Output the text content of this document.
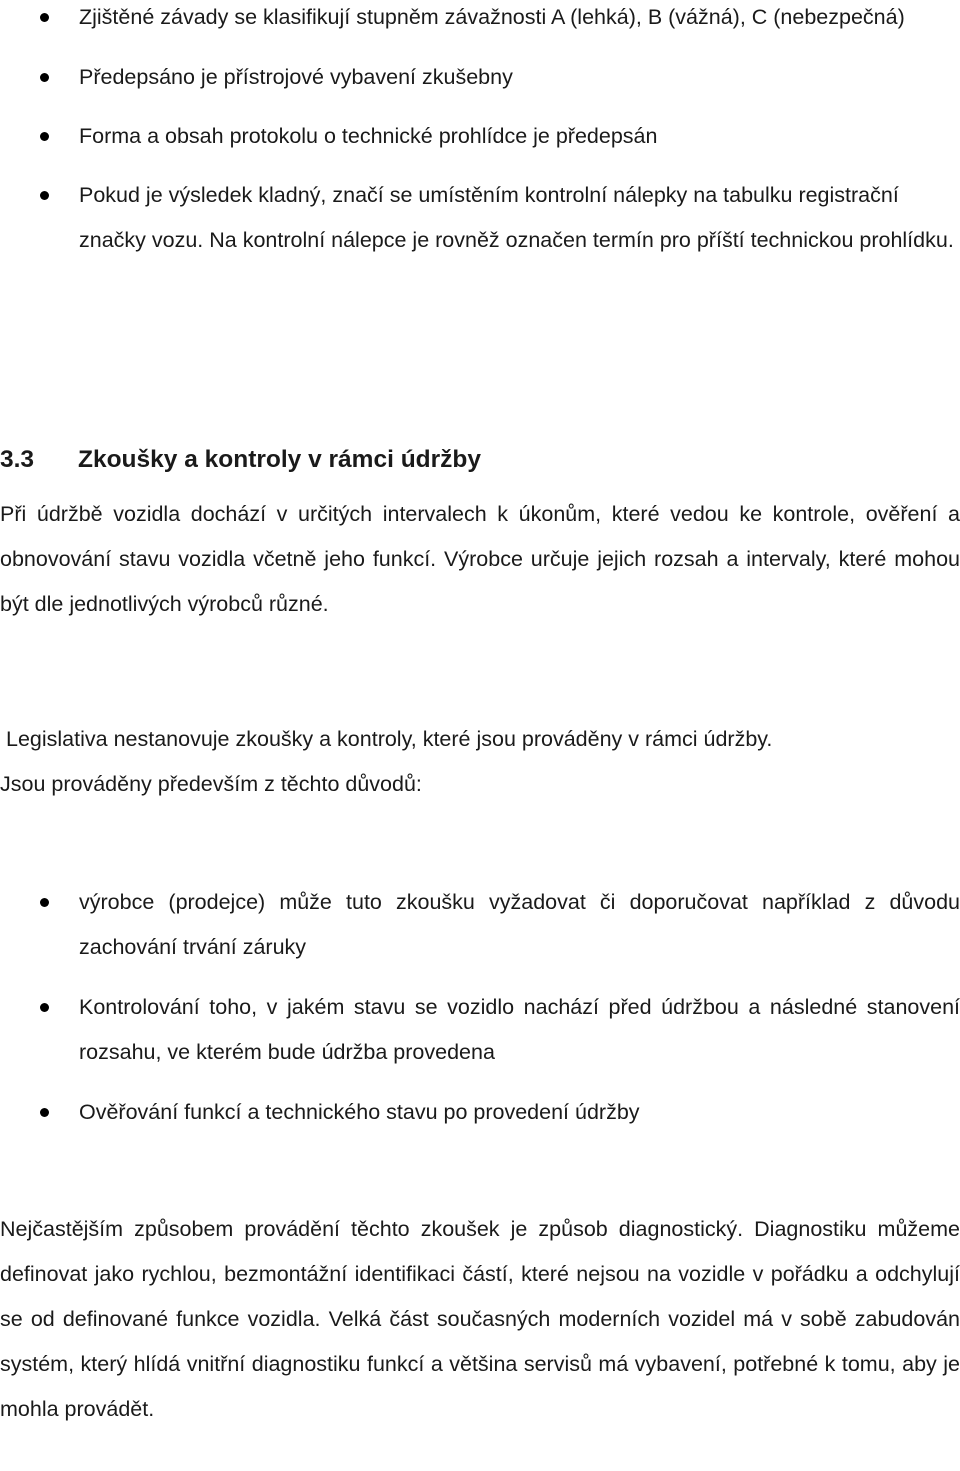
Zjištěné závady se klasifikují stupněm závažnosti A (lehká), B (vážná), C (nebezpečná)
Předepsáno je přístrojové vybavení zkušebny
Forma a obsah protokolu o technické prohlídce je předepsán
Pokud je výsledek kladný, značí se umístěním kontrolní nálepky na tabulku registrační značky vozu. Na kontrolní nálepce je rovněž označen termín pro příští technickou prohlídku.
3.3 Zkoušky a kontroly v rámci údržby

Při údržbě vozidla dochází v určitých intervalech k úkonům, které vedou ke kontrole, ověření a obnovování stavu vozidla včetně jeho funkcí. Výrobce určuje jejich rozsah a intervaly, které mohou být dle jednotlivých výrobců různé.

Legislativa nestanovuje zkoušky a kontroly, které jsou prováděny v rámci údržby.
Jsou prováděny především z těchto důvodů:

výrobce (prodejce) může tuto zkoušku vyžadovat či doporučovat například z důvodu zachování trvání záruky
Kontrolování toho, v jakém stavu se vozidlo nachází před údržbou a následné stanovení rozsahu, ve kterém bude údržba provedena
Ověřování funkcí a technického stavu po provedení údržby

Nejčastějším způsobem provádění těchto zkoušek je způsob diagnostický. Diagnostiku můžeme definovat jako rychlou, bezmontážní identifikaci částí, které nejsou na vozidle v pořádku a odchylují se od definované funkce vozidla. Velká část současných moderních vozidel má v sobě zabudován systém, který hlídá vnitřní diagnostiku funkcí a většina servisů má vybavení, potřebné k tomu, aby je mohla provádět.
